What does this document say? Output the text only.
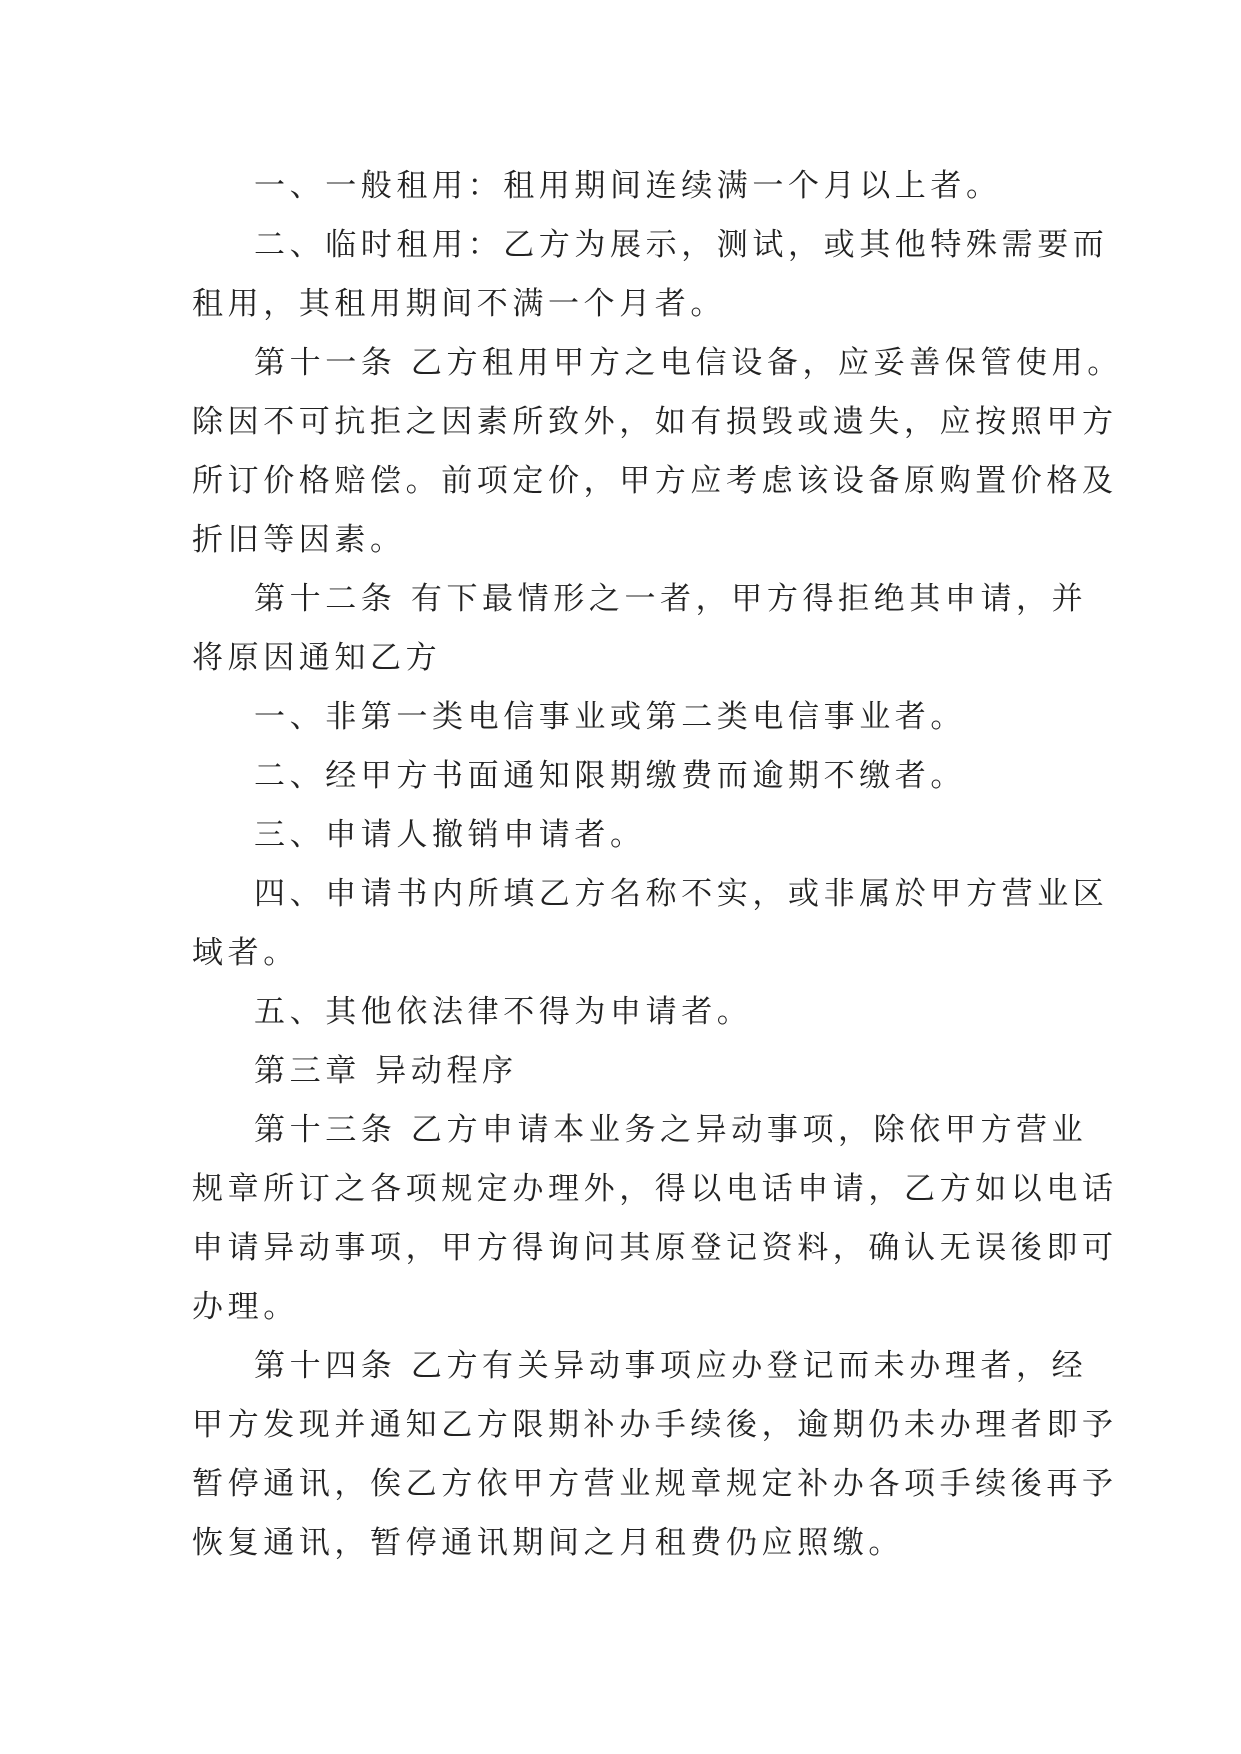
一、一般租用：租用期间连续满一个月以上者。

二、临时租用：乙方为展示，测试，或其他特殊需要而

租用，其租用期间不满一个月者。

第十一条 乙方租用甲方之电信设备，应妥善保管使用。

除因不可抗拒之因素所致外，如有损毁或遗失，应按照甲方

所订价格赔偿。前项定价，甲方应考虑该设备原购置价格及

折旧等因素。

第十二条 有下最情形之一者，甲方得拒绝其申请，并

将原因通知乙方

一、非第一类电信事业或第二类电信事业者。

二、经甲方书面通知限期缴费而逾期不缴者。

三、申请人撤销申请者。

四、申请书内所填乙方名称不实，或非属於甲方营业区

域者。

五、其他依法律不得为申请者。

第三章 异动程序

第十三条 乙方申请本业务之异动事项，除依甲方营业

规章所订之各项规定办理外，得以电话申请，乙方如以电话

申请异动事项，甲方得询问其原登记资料，确认无误後即可

办理。

第十四条 乙方有关异动事项应办登记而未办理者，经

甲方发现并通知乙方限期补办手续後，逾期仍未办理者即予

暂停通讯，俟乙方依甲方营业规章规定补办各项手续後再予

恢复通讯，暂停通讯期间之月租费仍应照缴。
